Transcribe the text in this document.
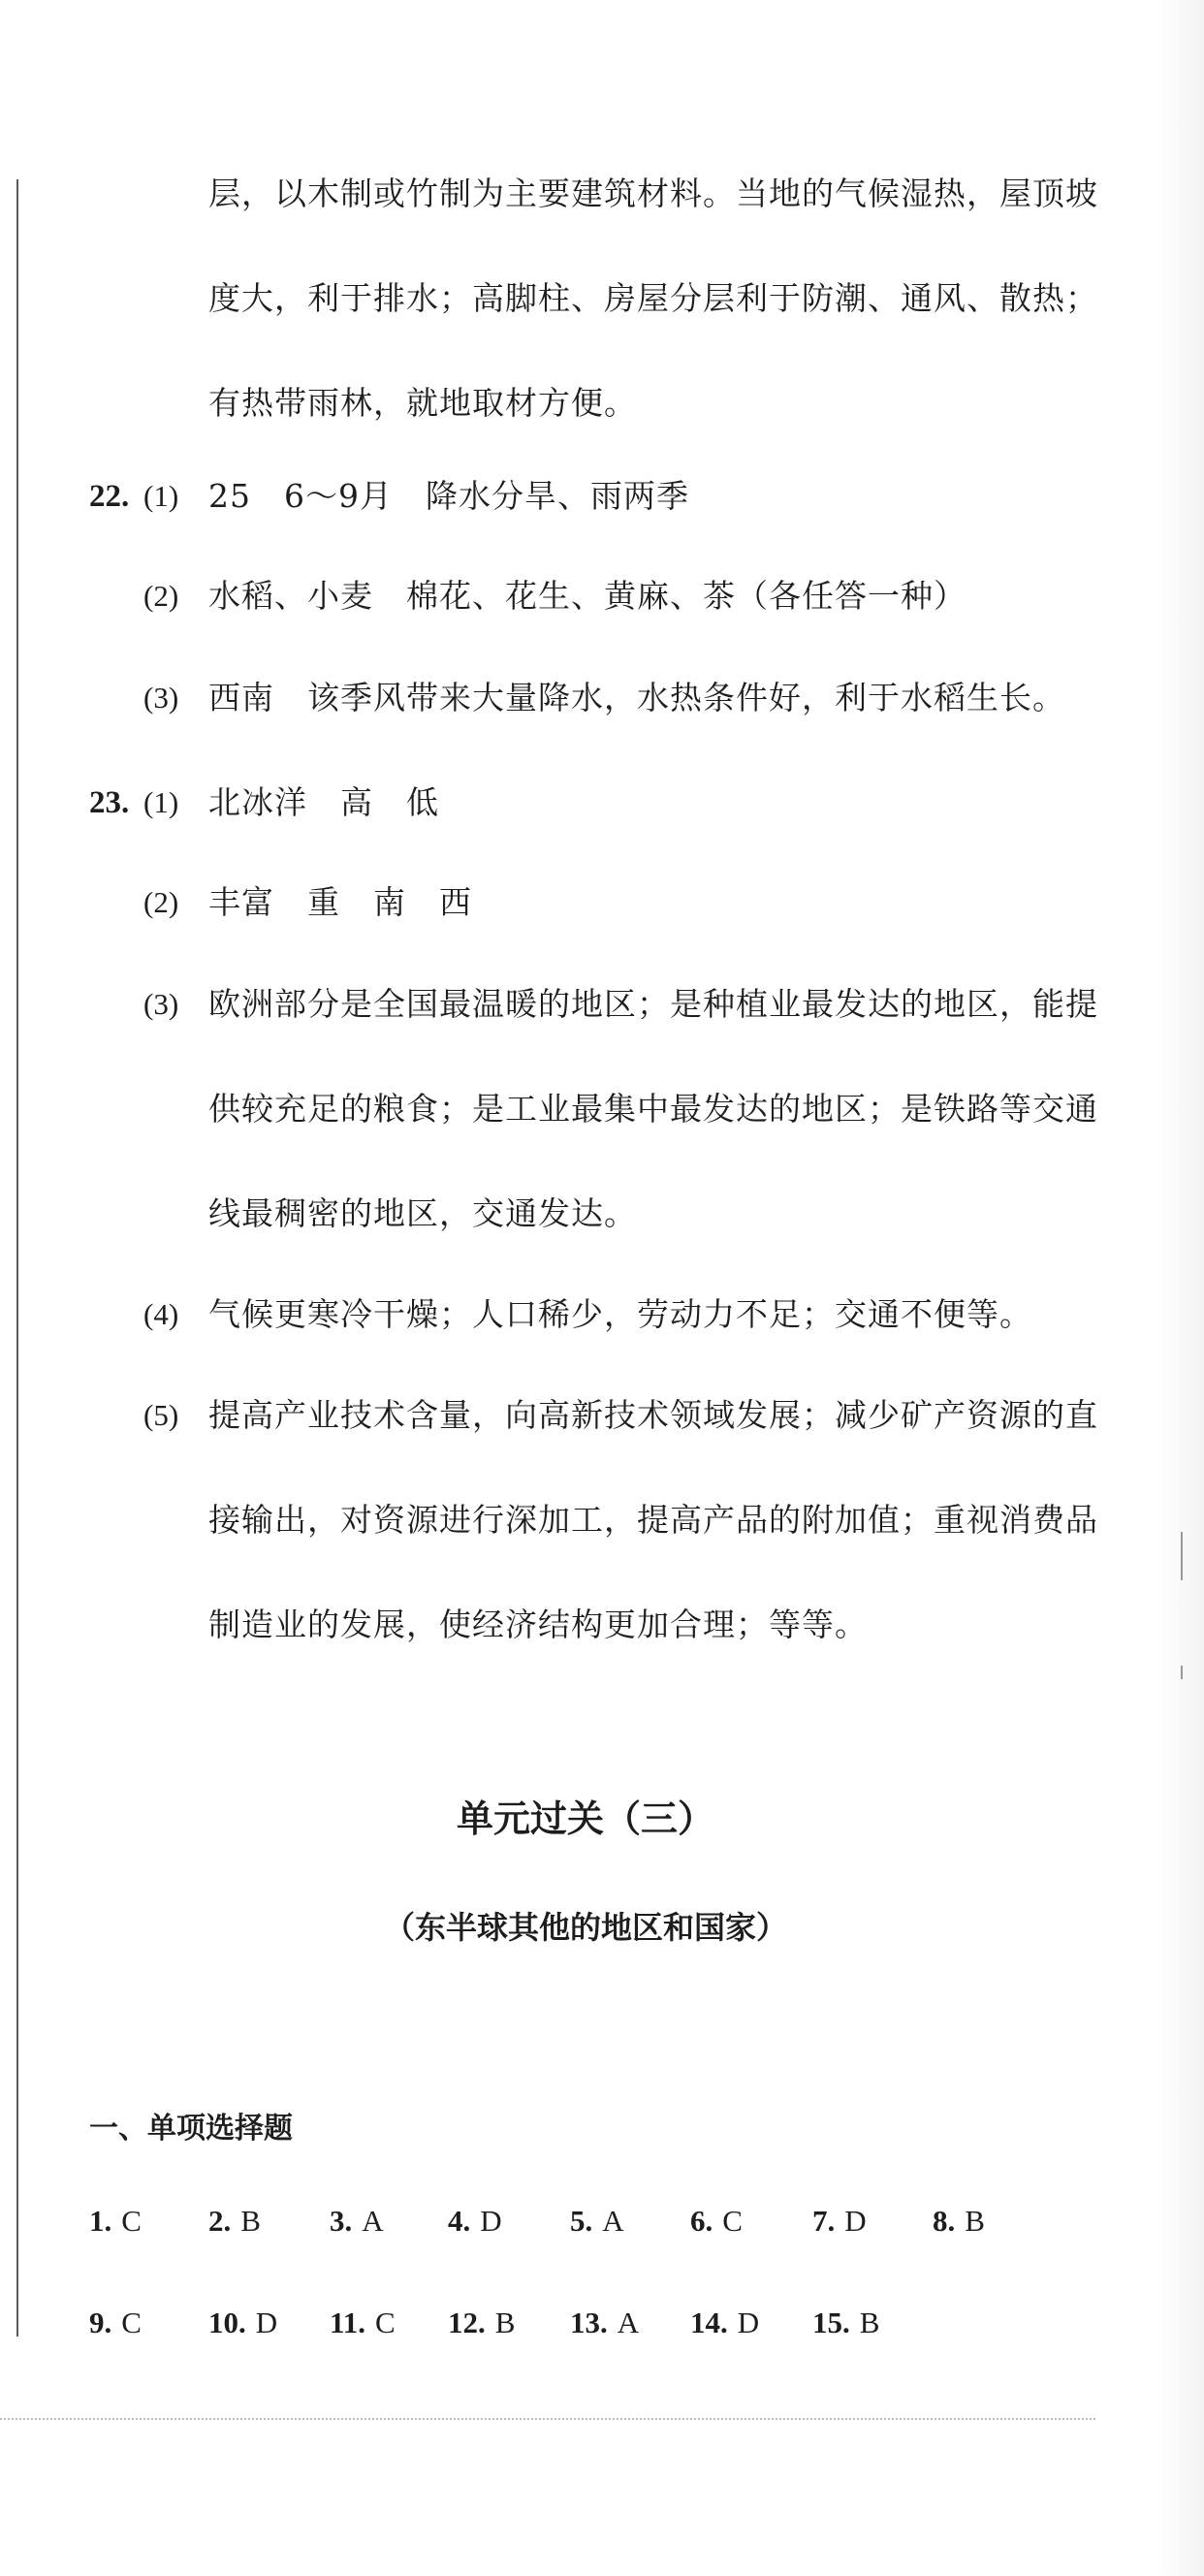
层，以木制或竹制为主要建筑材料。当地的气候湿热，屋顶坡
度大，利于排水；高脚柱、房屋分层利于防潮、通风、散热；
有热带雨林，就地取材方便。
22. (1) 25　6～9月　降水分旱、雨两季
(2) 水稻、小麦　棉花、花生、黄麻、茶（各任答一种）
(3) 西南　该季风带来大量降水，水热条件好，利于水稻生长。
23. (1) 北冰洋　高　低
(2) 丰富　重　南　西
(3) 欧洲部分是全国最温暖的地区；是种植业最发达的地区，能提
供较充足的粮食；是工业最集中最发达的地区；是铁路等交通
线最稠密的地区，交通发达。
(4) 气候更寒冷干燥；人口稀少，劳动力不足；交通不便等。
(5) 提高产业技术含量，向高新技术领域发展；减少矿产资源的直
接输出，对资源进行深加工，提高产品的附加值；重视消费品
制造业的发展，使经济结构更加合理；等等。
单元过关（三）
（东半球其他的地区和国家）
一、单项选择题
1. C 2. B 3. A 4. D 5. A 6. C 7. D 8. B
9. C 10. D 11. C 12. B 13. A 14. D 15. B
